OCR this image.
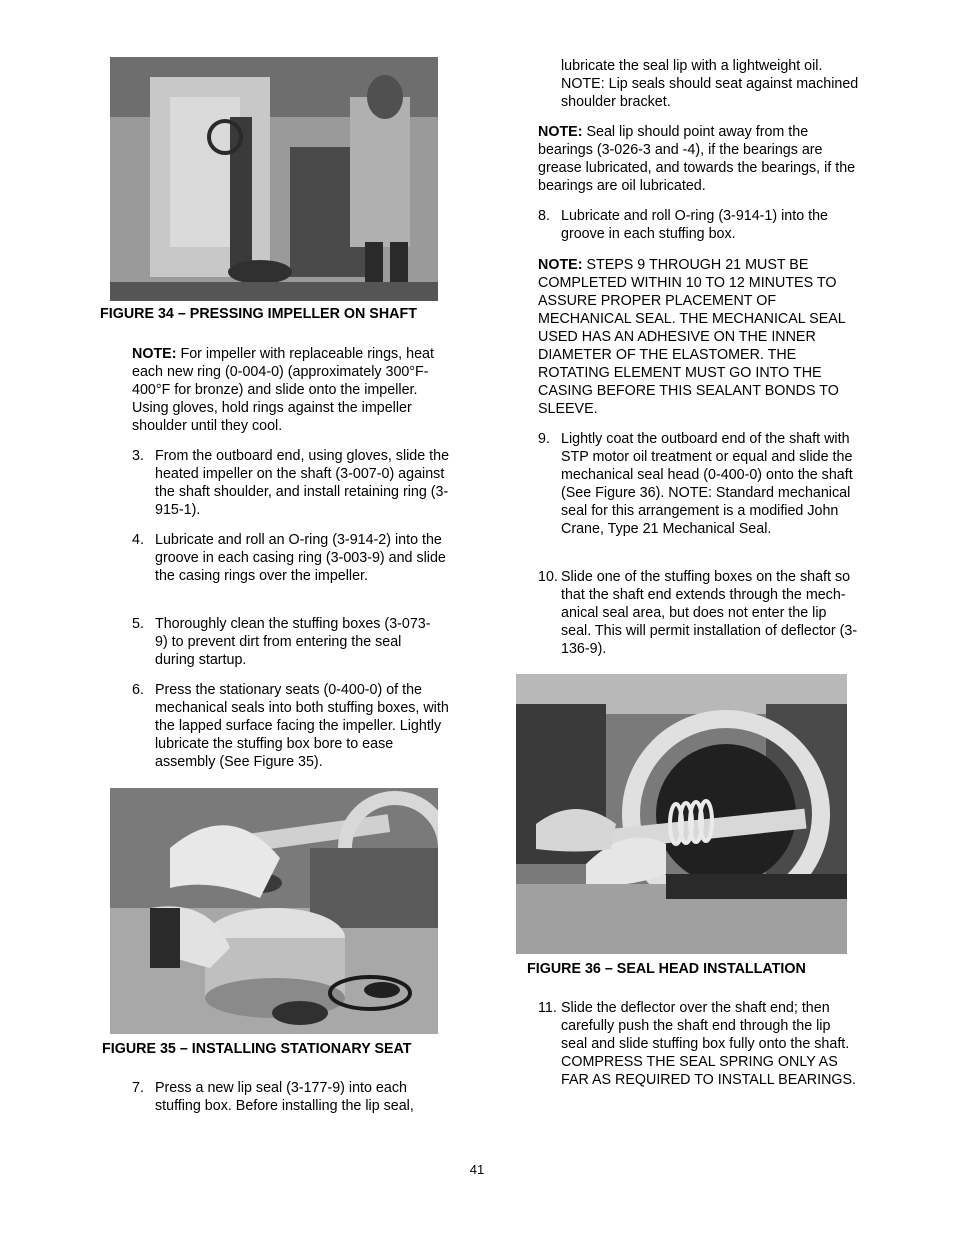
FIGURE 34 – PRESSING IMPELLER ON SHAFT

NOTE: For impeller with replaceable rings, heat each new ring (0-004-0) (approximately 300°F-400°F for bronze) and slide onto the impeller. Using gloves, hold rings against the impeller shoulder until they cool.

3. From the outboard end, using gloves, slide the heated impeller on the shaft (3-007-0) against the shaft shoulder, and install retaining ring (3-915-1).
4. Lubricate and roll an O-ring (3-914-2) into the groove in each casing ring (3-003-9) and slide the casing rings over the impeller.
5. Thoroughly clean the stuffing boxes (3-073-9) to prevent dirt from entering the seal during startup.
6. Press the stationary seats (0-400-0) of the mechanical seals into both stuffing boxes, with the lapped surface facing the impeller. Lightly lubricate the stuffing box bore to ease assembly (See Figure 35).
FIGURE 35 – INSTALLING STATIONARY SEAT
7. Press a new lip seal (3-177-9) into each stuffing box. Before installing the lip seal,

lubricate the seal lip with a lightweight oil. NOTE: Lip seals should seat against machined shoulder bracket.

NOTE: Seal lip should point away from the bearings (3-026-3 and -4), if the bearings are grease lubricated, and towards the bearings, if the bearings are oil lubricated.

8. Lubricate and roll O-ring (3-914-1) into the groove in each stuffing box.

NOTE: STEPS 9 THROUGH 21 MUST BE COMPLETED WITHIN 10 TO 12 MINUTES TO ASSURE PROPER PLACEMENT OF MECHANICAL SEAL. THE MECHANICAL SEAL USED HAS AN ADHESIVE ON THE INNER DIAMETER OF THE ELASTOMER. THE ROTATING ELEMENT MUST GO INTO THE CASING BEFORE THIS SEALANT BONDS TO SLEEVE.

9. Lightly coat the outboard end of the shaft with STP motor oil treatment or equal and slide the mechanical seal head (0-400-0) onto the shaft (See Figure 36). NOTE: Standard mechanical seal for this arrangement is a modified John Crane, Type 21 Mechanical Seal.
10. Slide one of the stuffing boxes on the shaft so that the shaft end extends through the mech-anical seal area, but does not enter the lip seal. This will permit installation of deflector (3-136-9).
FIGURE 36 – SEAL HEAD INSTALLATION
11. Slide the deflector over the shaft end; then carefully push the shaft end through the lip seal and slide stuffing box fully onto the shaft. COMPRESS THE SEAL SPRING ONLY AS FAR AS REQUIRED TO INSTALL BEARINGS.
41
